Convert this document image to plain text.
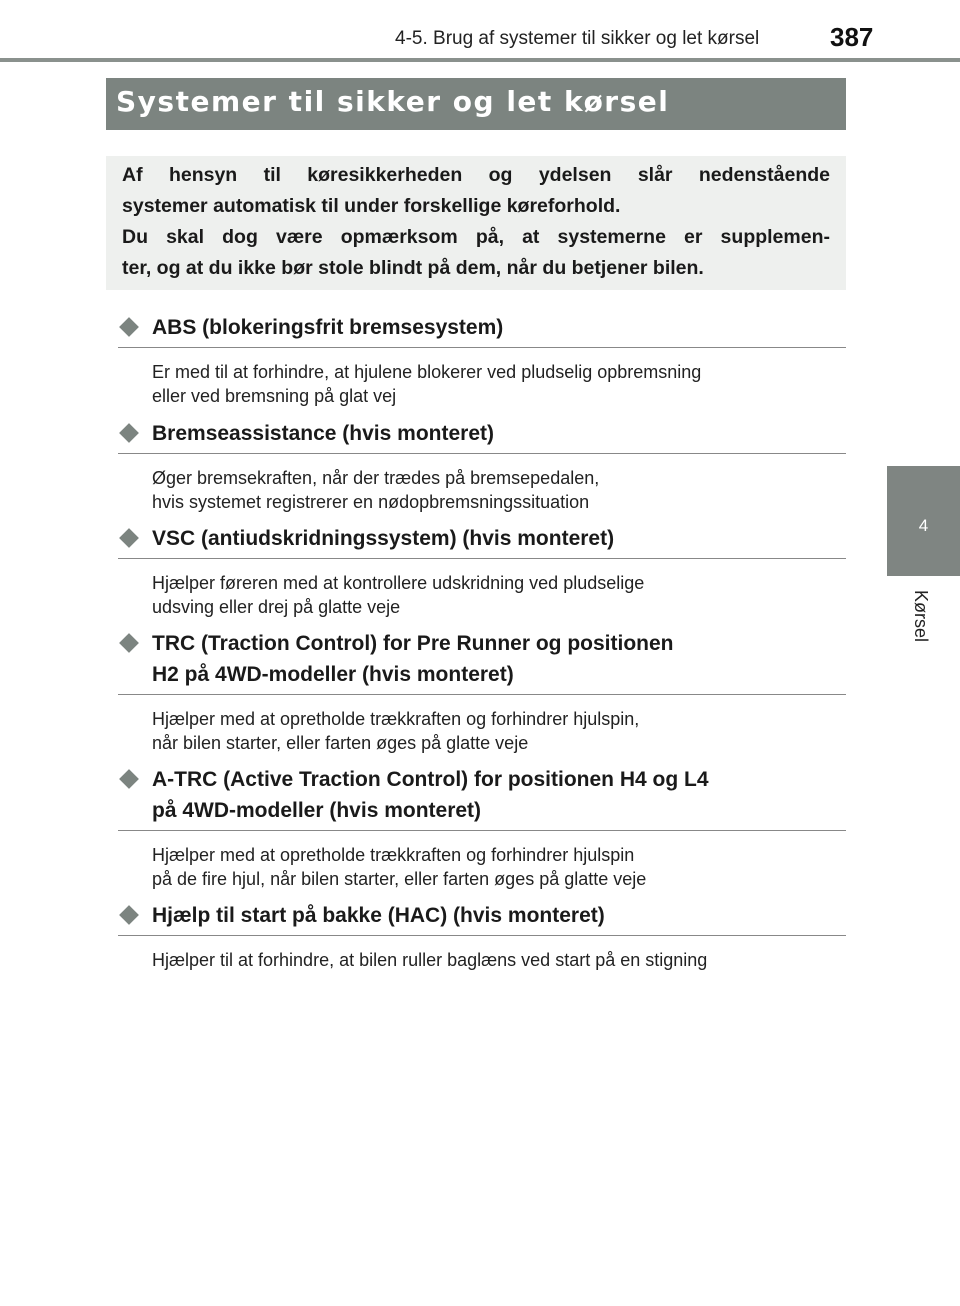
4-5. Brug af systemer til sikker og let kørsel	387
4
Kørsel
Systemer til sikker og let kørsel
Af hensyn til køresikkerheden og ydelsen slår nedenstående
systemer automatisk til under forskellige køreforhold.
Du skal dog være opmærksom på, at systemerne er supplemen-
ter, og at du ikke bør stole blindt på dem, når du betjener bilen.
ABS (blokeringsfrit bremsesystem)
Er med til at forhindre, at hjulene blokerer ved pludselig opbremsning
eller ved bremsning på glat vej
Bremseassistance (hvis monteret)
Øger bremsekraften, når der trædes på bremsepedalen,
hvis systemet registrerer en nødopbremsningssituation
VSC (antiudskridningssystem) (hvis monteret)
Hjælper føreren med at kontrollere udskridning ved pludselige
udsving eller drej på glatte veje
TRC (Traction Control) for Pre Runner og positionen
H2 på 4WD-modeller (hvis monteret)
Hjælper med at opretholde trækkraften og forhindrer hjulspin,
når bilen starter, eller farten øges på glatte veje
A-TRC (Active Traction Control) for positionen H4 og L4
på 4WD-modeller (hvis monteret)
Hjælper med at opretholde trækkraften og forhindrer hjulspin
på de fire hjul, når bilen starter, eller farten øges på glatte veje
Hjælp til start på bakke (HAC) (hvis monteret)
Hjælper til at forhindre, at bilen ruller baglæns ved start på en stigning
